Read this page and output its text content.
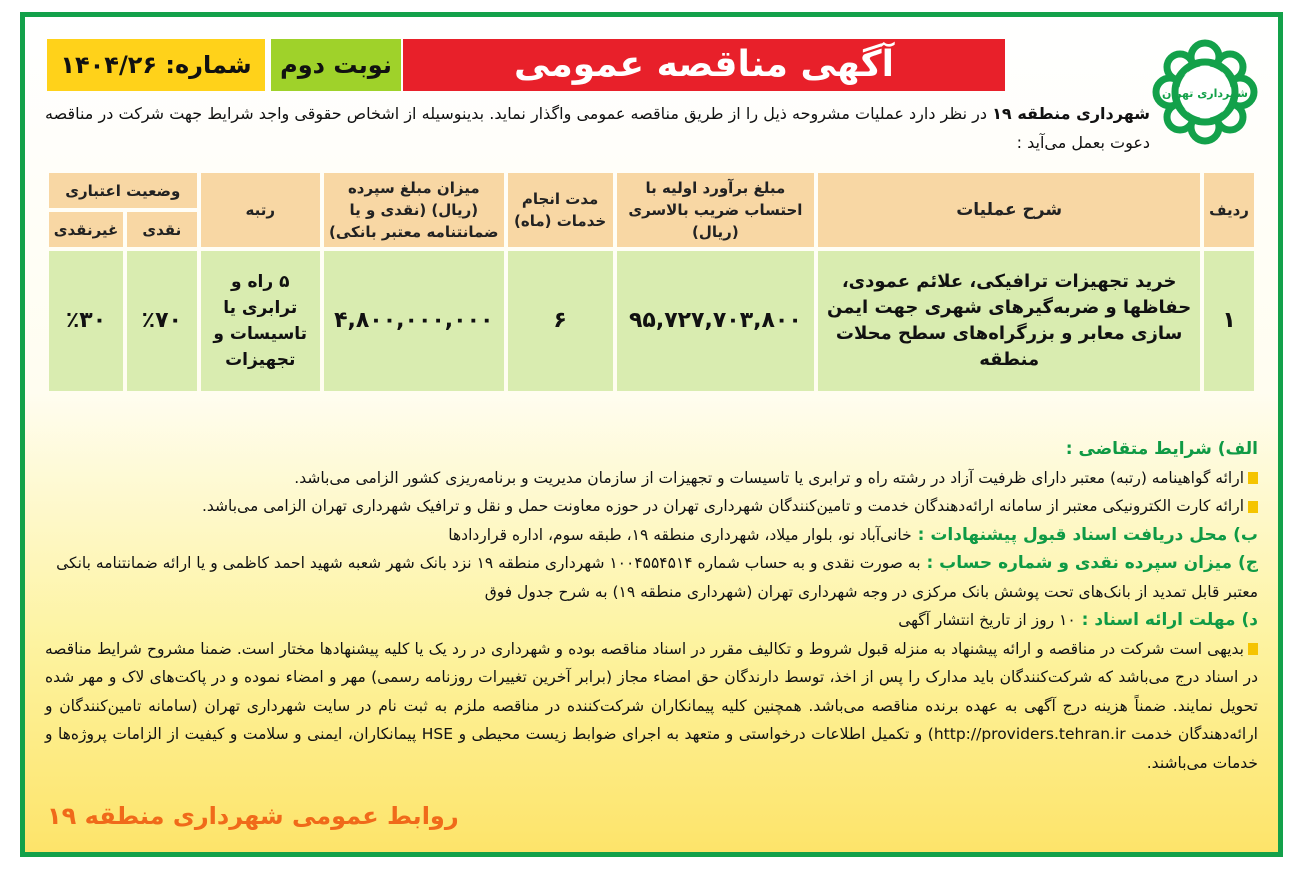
شهرداری تهران
آگهی مناقصه عمومی
نوبت دوم
شماره: ۱۴۰۴/۲۶
شهرداری منطقه ۱۹ در نظر دارد عملیات مشروحه ذیل را از طریق مناقصه عمومی واگذار نماید. بدینوسیله از اشخاص حقوقی واجد شرایط جهت شرکت در مناقصه دعوت بعمل می‌آید :
ردیف	شرح عملیات	مبلغ برآورد اولیه با احتساب ضریب بالاسری (ریال)	مدت انجام خدمات (ماه)	میزان مبلغ سپرده (ریال) (نقدی و یا ضمانتنامه معتبر بانکی)	رتبه	وضعیت اعتباری	
						نقدی	غیرنقدی
۱	خرید تجهیزات ترافیکی، علائم عمودی، حفاظها و ضربه‌گیرهای شهری جهت ایمن سازی معابر و بزرگراه‌های سطح محلات منطقه	۹۵,۷۲۷,۷۰۳,۸۰۰	۶	۴,۸۰۰,۰۰۰,۰۰۰	۵ راه و ترابری یا تاسیسات و تجهیزات	٪۷۰	٪۳۰
الف) شرایط متقاضی :
ارائه گواهینامه (رتبه) معتبر دارای ظرفیت آزاد در رشته راه و ترابری یا تاسیسات و تجهیزات از سازمان مدیریت و برنامه‌ریزی کشور الزامی می‌باشد.
ارائه کارت الکترونیکی معتبر از سامانه ارائه‌دهندگان خدمت و تامین‌کنندگان شهرداری تهران در حوزه معاونت حمل و نقل و ترافیک شهرداری تهران الزامی می‌باشد.
ب) محل دریافت اسناد قبول پیشنهادات : خانی‌آباد نو، بلوار میلاد، شهرداری منطقه ۱۹، طبقه سوم، اداره قراردادها
ج) میزان سپرده نقدی و شماره حساب : به صورت نقدی و به حساب شماره ۱۰۰۴۵۵۴۵۱۴ شهرداری منطقه ۱۹ نزد بانک شهر شعبه شهید احمد کاظمی و یا ارائه ضمانتنامه بانکی معتبر قابل تمدید از بانک‌های تحت پوشش بانک مرکزی در وجه شهرداری تهران (شهرداری منطقه ۱۹) به شرح جدول فوق
د) مهلت ارائه اسناد : ۱۰ روز از تاریخ انتشار آگهی
بدیهی است شرکت در مناقصه و ارائه پیشنهاد به منزله قبول شروط و تکالیف مقرر در اسناد مناقصه بوده و شهرداری در رد یک یا کلیه پیشنهادها مختار است. ضمنا مشروح شرایط مناقصه در اسناد درج می‌باشد که شرکت‌کنندگان باید مدارک را پس از اخذ، توسط دارندگان حق امضاء مجاز (برابر آخرین تغییرات روزنامه رسمی) مهر و امضاء نموده و در پاکت‌های لاک و مهر شده تحویل نمایند. ضمناً هزینه درج آگهی به عهده برنده مناقصه می‌باشد. همچنین کلیه پیمانکاران شرکت‌کننده در مناقصه ملزم به ثبت نام در سایت شهرداری تهران (سامانه تامین‌کنندگان و ارائه‌دهندگان خدمت http://providers.tehran.ir) و تکمیل اطلاعات درخواستی و متعهد به اجرای ضوابط زیست محیطی و HSE پیمانکاران، ایمنی و سلامت و کیفیت از الزامات پروژه‌ها و خدمات می‌باشند.
روابط عمومی شهرداری منطقه ۱۹
